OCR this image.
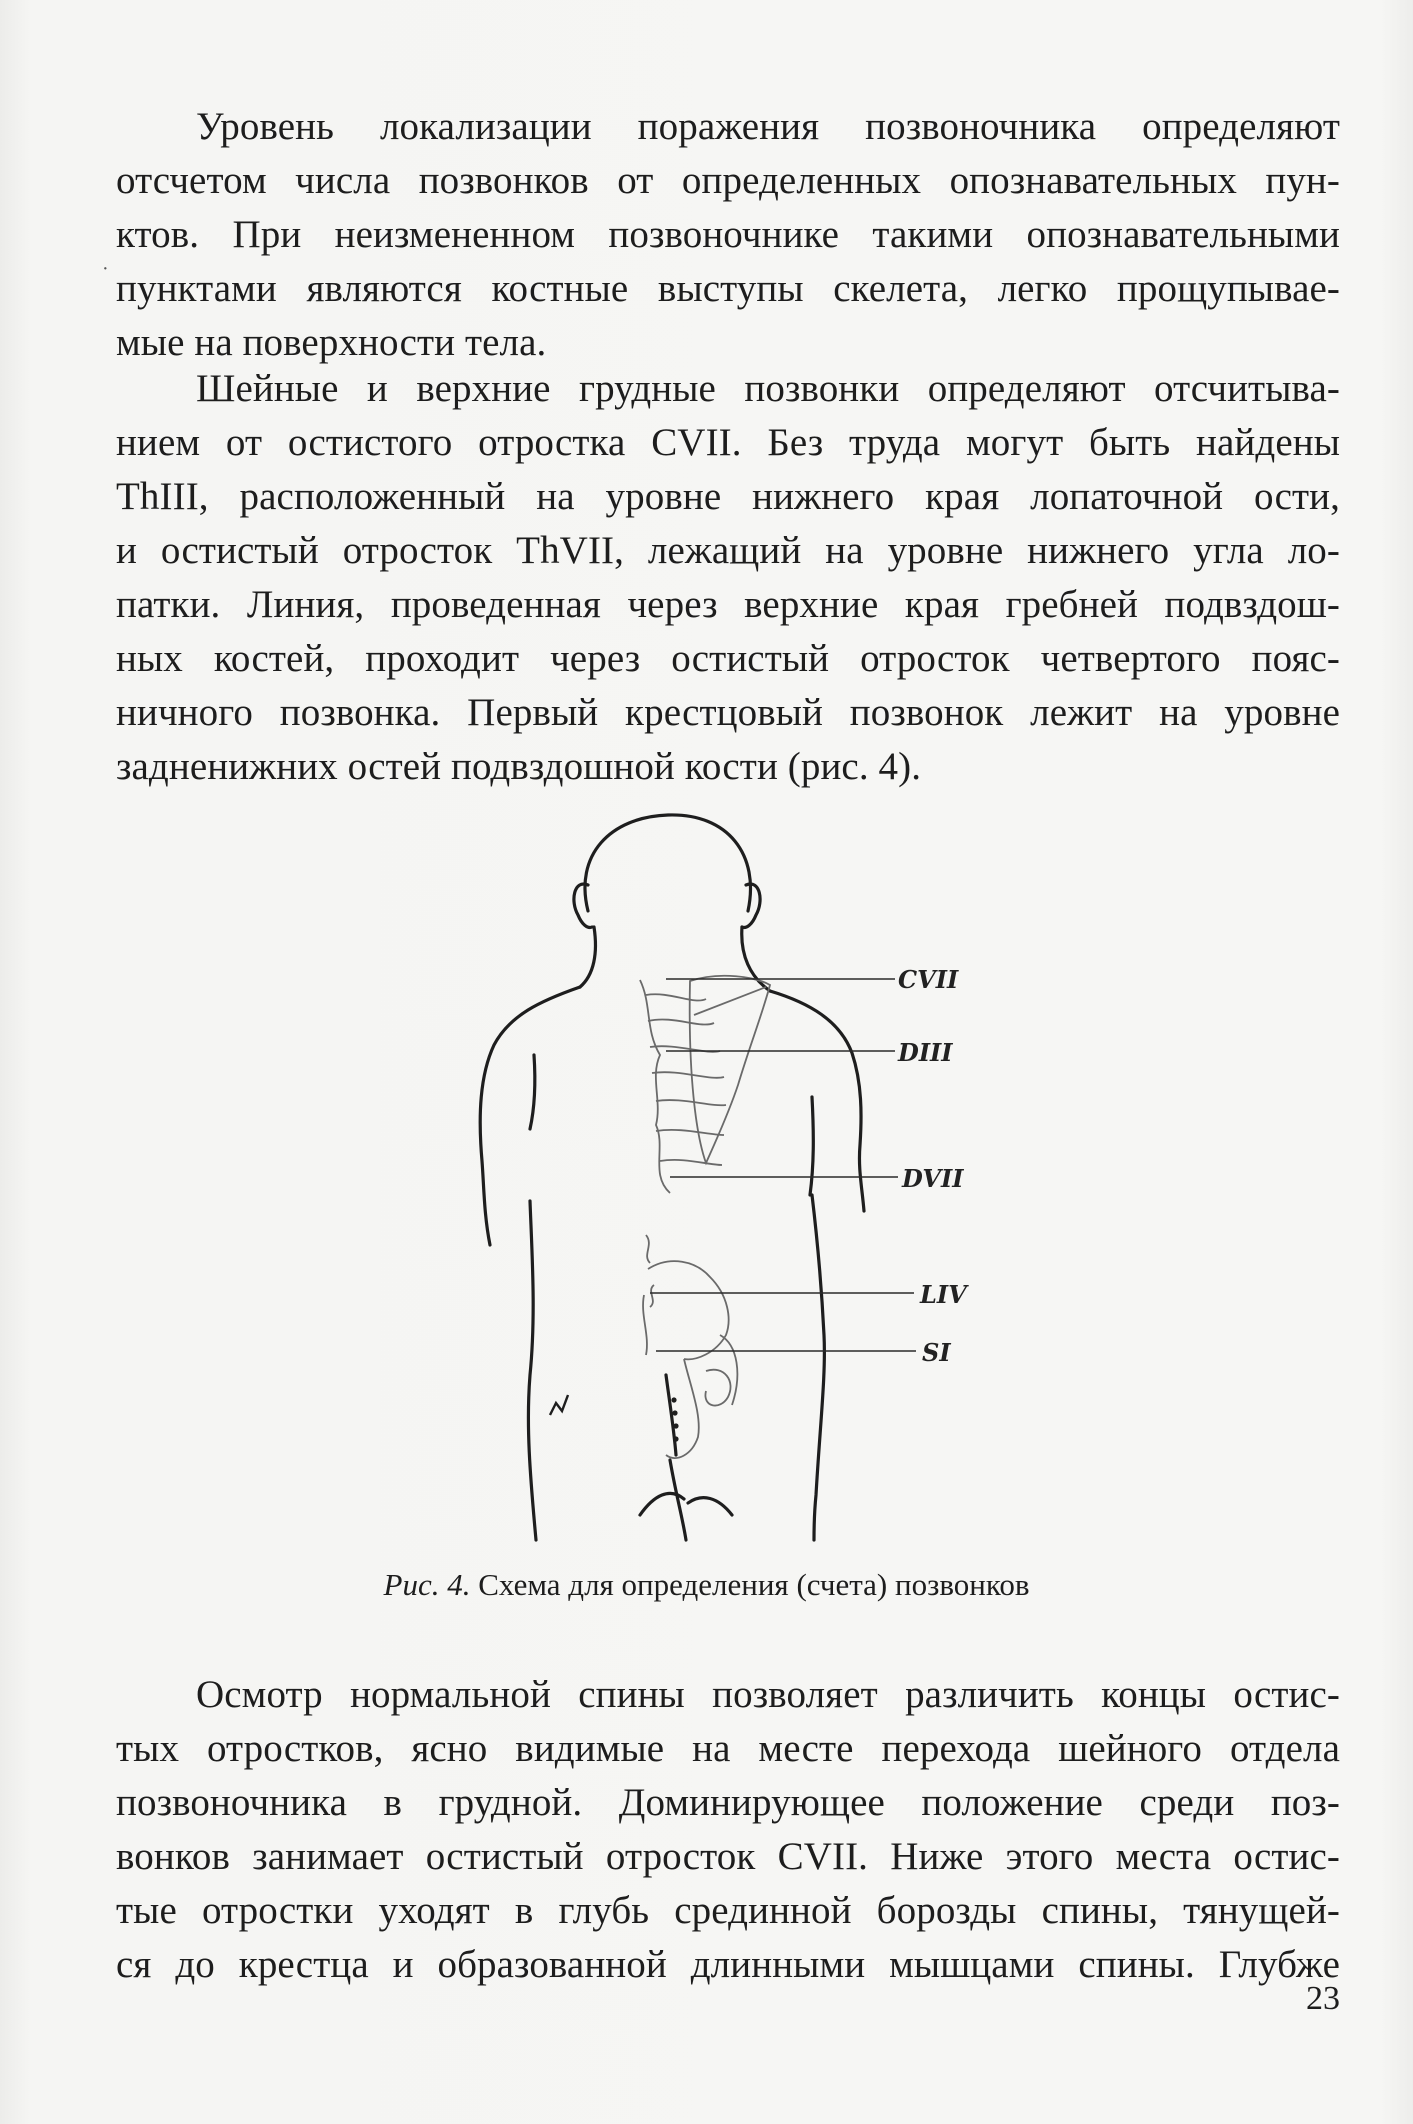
·
Уровень локализации поражения позвоночника определяют
отсчетом числа позвонков от определенных опознавательных пун-
ктов. При неизмененном позвоночнике такими опознавательными
пунктами являются костные выступы скелета, легко прощупывае-
мые на поверхности тела.
Шейные и верхние грудные позвонки определяют отсчитыва-
нием от остистого отростка CVII. Без труда могут быть найдены
ThIII, расположенный на уровне нижнего края лопаточной ости,
и остистый отросток ThVII, лежащий на уровне нижнего угла ло-
патки. Линия, проведенная через верхние края гребней подвздош-
ных костей, проходит через остистый отросток четвертого пояс-
ничного позвонка. Первый крестцовый позвонок лежит на уровне
задненижних остей подвздошной кости (рис. 4).
CVII
DIII
DVII
LIV
SI
Рис. 4. Схема для определения (счета) позвонков
Осмотр нормальной спины позволяет различить концы остис-
тых отростков, ясно видимые на месте перехода шейного отдела
позвоночника в грудной. Доминирующее положение среди поз-
вонков занимает остистый отросток CVII. Ниже этого места остис-
тые отростки уходят в глубь срединной борозды спины, тянущей-
ся до крестца и образованной длинными мышцами спины. Глубже
23
